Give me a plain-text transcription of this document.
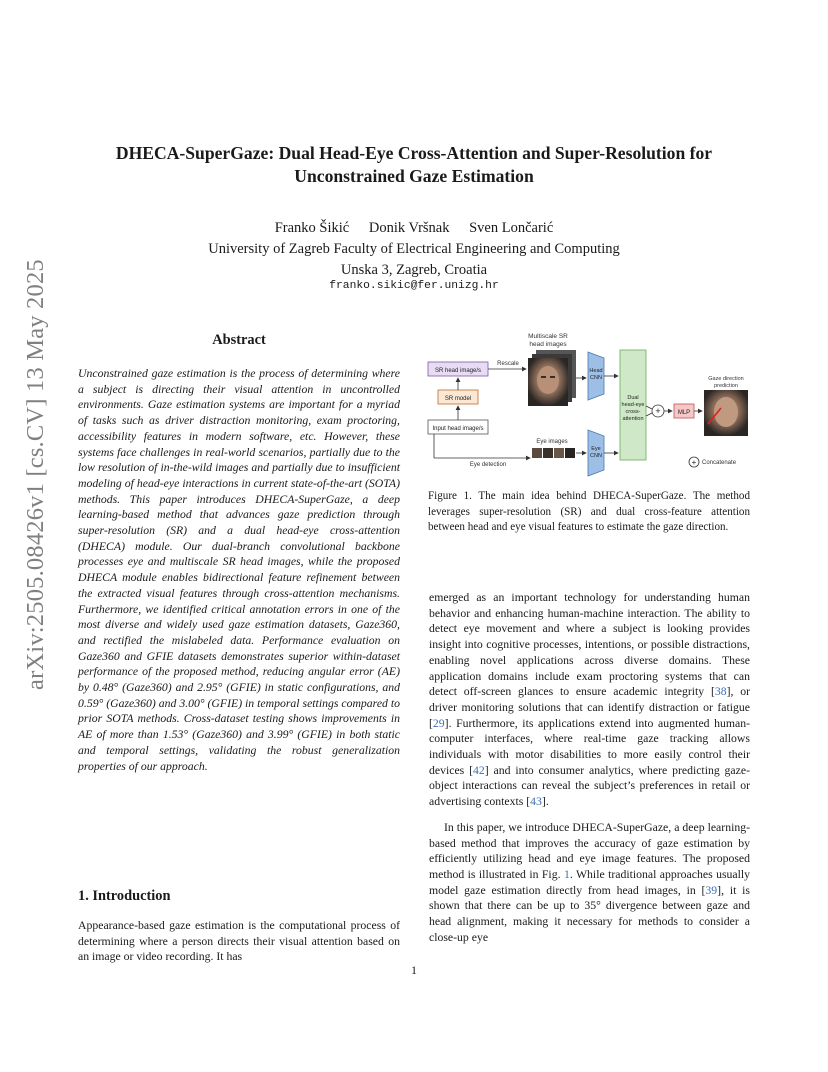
arXiv:2505.08426v1 [cs.CV] 13 May 2025
DHECA-SuperGaze: Dual Head-Eye Cross-Attention and Super-Resolution for
Unconstrained Gaze Estimation
Franko Šikić Donik Vršnak Sven Lončarić
University of Zagreb Faculty of Electrical Engineering and Computing
Unska 3, Zagreb, Croatia
franko.sikic@fer.unizg.hr
Abstract
Unconstrained gaze estimation is the process of determining where a subject is directing their visual attention in uncontrolled environments. Gaze estimation systems are important for a myriad of tasks such as driver distraction monitoring, exam proctoring, accessibility features in modern software, etc. However, these systems face challenges in real-world scenarios, partially due to the low resolution of in-the-wild images and partially due to insufficient modeling of head-eye interactions in current state-of-the-art (SOTA) methods. This paper introduces DHECA-SuperGaze, a deep learning-based method that advances gaze prediction through super-resolution (SR) and a dual head-eye cross-attention (DHECA) module. Our dual-branch convolutional backbone processes eye and multiscale SR head images, while the proposed DHECA module enables bidirectional feature refinement between the extracted visual features through cross-attention mechanisms. Furthermore, we identified critical annotation errors in one of the most diverse and widely used gaze estimation datasets, Gaze360, and rectified the mislabeled data. Performance evaluation on Gaze360 and GFIE datasets demonstrates superior within-dataset performance of the proposed method, reducing angular error (AE) by 0.48° (Gaze360) and 2.95° (GFIE) in static configurations, and 0.59° (Gaze360) and 3.00° (GFIE) in temporal settings compared to prior SOTA methods. Cross-dataset testing shows improvements in AE of more than 1.53° (Gaze360) and 3.99° (GFIE) in both static and temporal settings, validating the robust generalization properties of our approach.
1. Introduction
Appearance-based gaze estimation is the computational process of determining where a person directs their visual attention based on an image or video recording. It has
Multiscale SR
head images
SR head image/s
Rescale
SR model
Input head image/s
Head
CNN
Dual
head-eye
cross-
attention
+	MLP
Gaze direction
prediction
Eye images
Eye
CNN
Eye detection	+ Concatenate
Figure 1. The main idea behind DHECA-SuperGaze. The method leverages super-resolution (SR) and dual cross-feature attention between head and eye visual features to estimate the gaze direction.

emerged as an important technology for understanding human behavior and enhancing human-machine interaction. The ability to detect eye movement and where a subject is looking provides insight into cognitive processes, intentions, or possible distractions, enabling novel applications across diverse domains. These application domains include exam proctoring systems that can detect off-screen glances to ensure academic integrity [38], or driver monitoring solutions that can identify distraction or fatigue [29]. Furthermore, its applications extend into augmented human-computer interfaces, where real-time gaze tracking allows individuals with motor disabilities to more easily control their devices [42] and into consumer analytics, where predicting gaze-object interactions can reveal the subject’s preferences in retail or advertising contexts [43].

In this paper, we introduce DHECA-SuperGaze, a deep learning-based method that improves the accuracy of gaze estimation by efficiently utilizing head and eye image features. The proposed method is illustrated in Fig. 1. While traditional approaches usually model gaze estimation directly from head images, in [39], it is shown that there can be up to 35° divergence between gaze and head alignment, making it necessary for methods to consider a close-up eye

1
